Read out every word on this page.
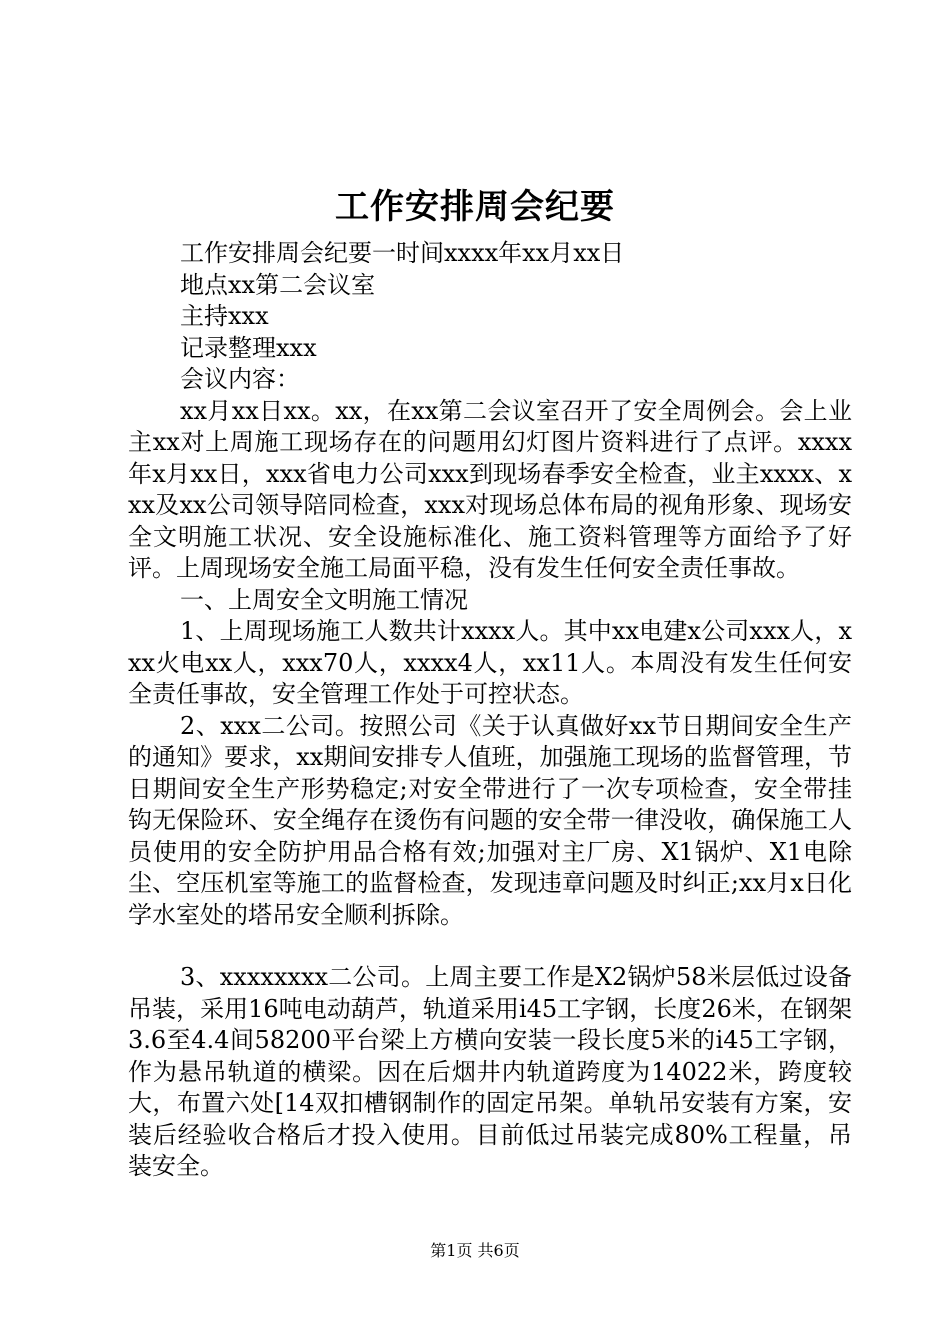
工作安排周会纪要

工作安排周会纪要一时间xxxx年xx月xx日

地点xx第二会议室

主持xxx

记录整理xxx

会议内容：

xx月xx日xx。xx，在xx第二会议室召开了安全周例会。会上业主xx对上周施工现场存在的问题用幻灯图片资料进行了点评。xxxx年x月xx日，xxx省电力公司xxx到现场春季安全检查，业主xxxx、xxx及xx公司领导陪同检查，xxx对现场总体布局的视角形象、现场安全文明施工状况、安全设施标准化、施工资料管理等方面给予了好评。上周现场安全施工局面平稳，没有发生任何安全责任事故。

一、上周安全文明施工情况

1、上周现场施工人数共计xxxx人。其中xx电建x公司xxx人，xxx火电xx人，xxx70人，xxxx4人，xx11人。本周没有发生任何安全责任事故，安全管理工作处于可控状态。

2、xxx二公司。按照公司《关于认真做好xx节日期间安全生产的通知》要求，xx期间安排专人值班，加强施工现场的监督管理，节日期间安全生产形势稳定;对安全带进行了一次专项检查，安全带挂钩无保险环、安全绳存在烫伤有问题的安全带一律没收，确保施工人员使用的安全防护用品合格有效;加强对主厂房、X1锅炉、X1电除尘、空压机室等施工的监督检查，发现违章问题及时纠正;xx月x日化学水室处的塔吊安全顺利拆除。

3、xxxxxxxx二公司。上周主要工作是X2锅炉58米层低过设备吊装，采用16吨电动葫芦，轨道采用i45工字钢，长度26米，在钢架3.6至4.4间58200平台梁上方横向安装一段长度5米的i45工字钢，作为悬吊轨道的横梁。因在后烟井内轨道跨度为14022米，跨度较大，布置六处[14双扣槽钢制作的固定吊架。单轨吊安装有方案，安装后经验收合格后才投入使用。目前低过吊装完成80%工程量，吊装安全。

第1页 共6页
